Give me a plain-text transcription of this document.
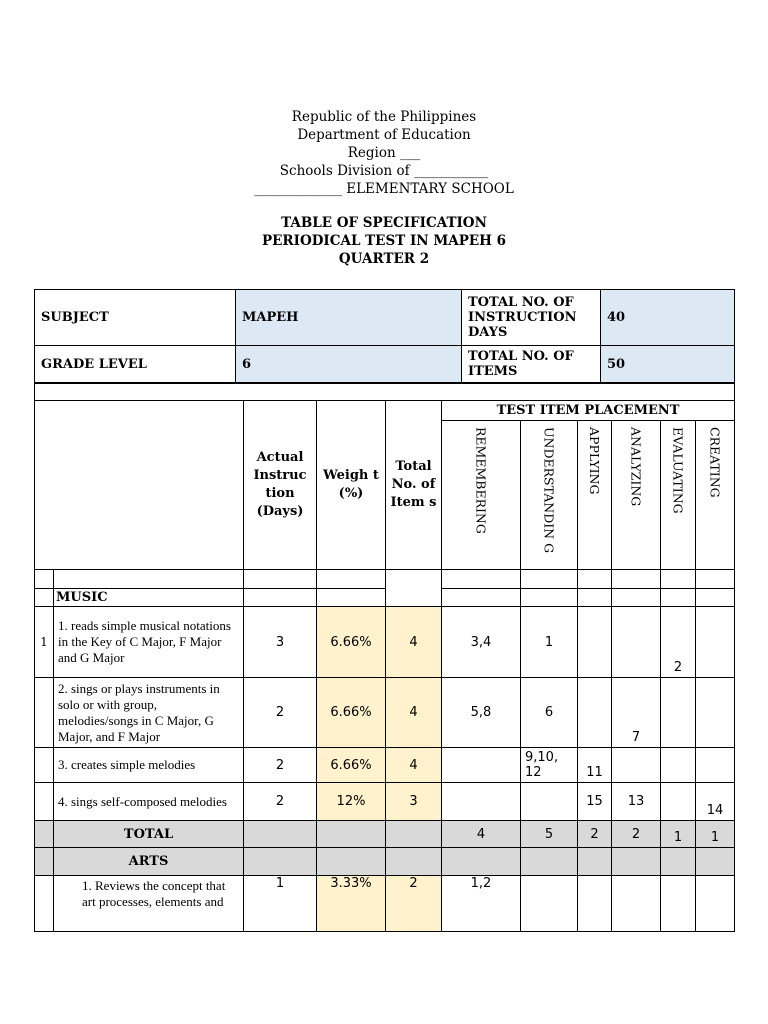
Republic of the Philippines
Department of Education
Region ___
Schools Division of ___________
_____________ ELEMENTARY SCHOOL
TABLE OF SPECIFICATION
PERIODICAL TEST IN MAPEH 6
QUARTER 2
SUBJECT	MAPEH	TOTAL NO. OF INSTRUCTION DAYS	40
GRADE LEVEL	6	TOTAL NO. OF ITEMS	50

		Actual Instruc tion (Days)	Weigh t (%)	Total No. of Item s	TEST ITEM PLACEMENT					

					REMEMBERING	UNDERSTANDIN G	APPLYING	ANALYZING	EVALUATING	CREATING

	MUSIC									
1	1. reads simple musical notations in the Key of C Major, F Major and G Major	3	6.66%	4	3,4	1			2	
	2. sings or plays instruments in solo or with group, melodies/songs in C Major, G Major, and F Major	2	6.66%	4	5,8	6		7		
	3. creates simple melodies	2	6.66%	4		9,10, 12	11			
	4. sings self-composed melodies	2	12%	3			15	13		14
	TOTAL				4	5	2	2	1	1
	ARTS									
	1. Reviews the concept that art processes, elements and	1	3.33%	2	1,2					
